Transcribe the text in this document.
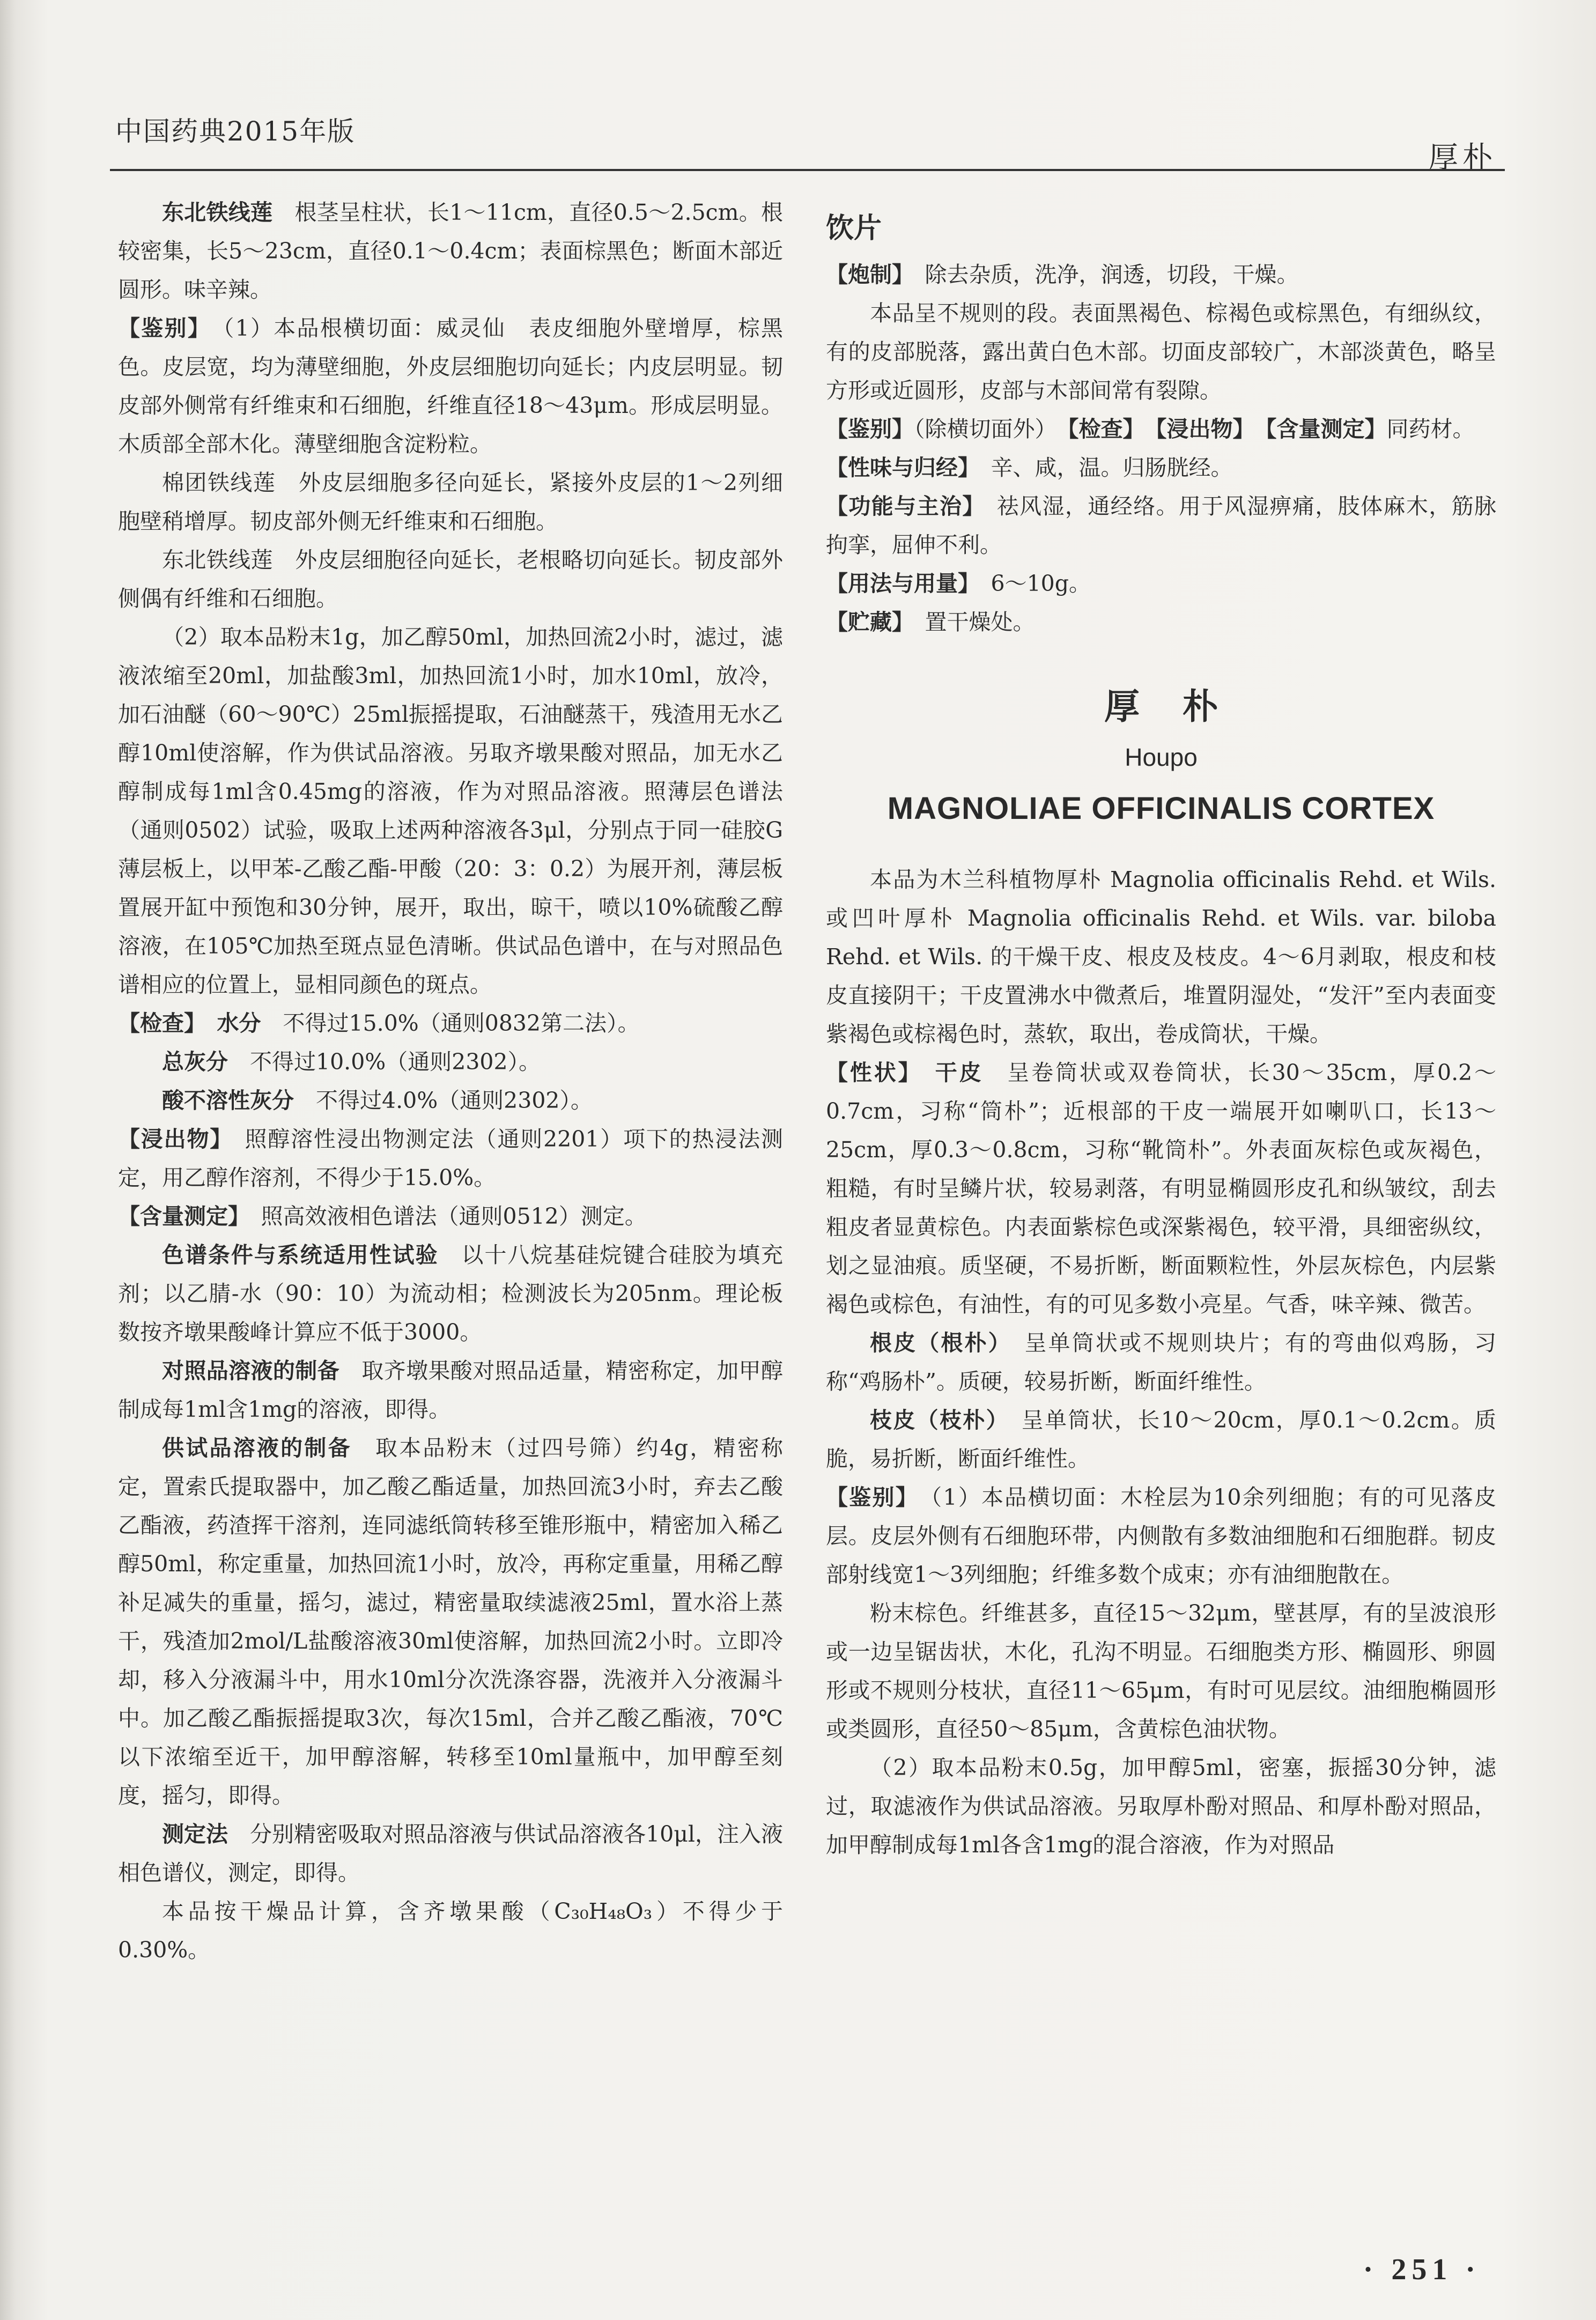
中国药典2015年版
厚朴

东北铁线莲　 根茎呈柱状，长1～11cm，直径0.5～2.5cm。根较密集，长5～23cm，直径0.1～0.4cm；表面棕黑色；断面木部近圆形。味辛辣。

【鉴别】　 （1）本品根横切面：威灵仙　表皮细胞外壁增厚，棕黑色。皮层宽，均为薄壁细胞，外皮层细胞切向延长；内皮层明显。韧皮部外侧常有纤维束和石细胞，纤维直径18～43μm。形成层明显。木质部全部木化。薄壁细胞含淀粉粒。

棉团铁线莲　外皮层细胞多径向延长，紧接外皮层的1～2列细胞壁稍增厚。韧皮部外侧无纤维束和石细胞。

东北铁线莲　外皮层细胞径向延长，老根略切向延长。韧皮部外侧偶有纤维和石细胞。

（2）取本品粉末1g，加乙醇50ml，加热回流2小时，滤过，滤液浓缩至20ml，加盐酸3ml，加热回流1小时，加水10ml，放冷，加石油醚（60～90℃）25ml振摇提取，石油醚蒸干，残渣用无水乙醇10ml使溶解，作为供试品溶液。另取齐墩果酸对照品，加无水乙醇制成每1ml含0.45mg的溶液，作为对照品溶液。照薄层色谱法（通则0502）试验，吸取上述两种溶液各3μl，分别点于同一硅胶G薄层板上，以甲苯-乙酸乙酯-甲酸（20：3：0.2）为展开剂，薄层板置展开缸中预饱和30分钟，展开，取出，晾干，喷以10%硫酸乙醇溶液，在105℃加热至斑点显色清晰。供试品色谱中，在与对照品色谱相应的位置上，显相同颜色的斑点。

【检查】　 水分　 不得过15.0%（通则0832第二法）。

总灰分　 不得过10.0%（通则2302）。

酸不溶性灰分　 不得过4.0%（通则2302）。

【浸出物】　 照醇溶性浸出物测定法（通则2201）项下的热浸法测定，用乙醇作溶剂，不得少于15.0%。

【含量测定】　 照高效液相色谱法（通则0512）测定。

色谱条件与系统适用性试验　 以十八烷基硅烷键合硅胶为填充剂；以乙腈-水（90：10）为流动相；检测波长为205nm。理论板数按齐墩果酸峰计算应不低于3000。

对照品溶液的制备　 取齐墩果酸对照品适量，精密称定，加甲醇制成每1ml含1mg的溶液，即得。

供试品溶液的制备　 取本品粉末（过四号筛）约4g，精密称定，置索氏提取器中，加乙酸乙酯适量，加热回流3小时，弃去乙酸乙酯液，药渣挥干溶剂，连同滤纸筒转移至锥形瓶中，精密加入稀乙醇50ml，称定重量，加热回流1小时，放冷，再称定重量，用稀乙醇补足减失的重量，摇匀，滤过，精密量取续滤液25ml，置水浴上蒸干，残渣加2mol/L盐酸溶液30ml使溶解，加热回流2小时。立即冷却，移入分液漏斗中，用水10ml分次洗涤容器，洗液并入分液漏斗中。加乙酸乙酯振摇提取3次，每次15ml，合并乙酸乙酯液，70℃以下浓缩至近干，加甲醇溶解，转移至10ml量瓶中，加甲醇至刻度，摇匀，即得。

测定法　 分别精密吸取对照品溶液与供试品溶液各10μl，注入液相色谱仪，测定，即得。

本品按干燥品计算，含齐墩果酸（C₃₀H₄₈O₃）不得少于0.30%。

饮片

【炮制】　 除去杂质，洗净，润透，切段，干燥。

本品呈不规则的段。表面黑褐色、棕褐色或棕黑色，有细纵纹，有的皮部脱落，露出黄白色木部。切面皮部较广，木部淡黄色，略呈方形或近圆形，皮部与木部间常有裂隙。

【鉴别】（除横切面外）　 【检查】　 【浸出物】　 【含量测定】同药材。

【性味与归经】　 辛、咸，温。归肠胱经。

【功能与主治】　 祛风湿，通经络。用于风湿痹痛，肢体麻木，筋脉拘挛，屈伸不利。

【用法与用量】　 6～10g。

【贮藏】　 置干燥处。

厚朴
Houpo
MAGNOLIAE OFFICINALIS CORTEX

本品为木兰科植物厚朴 Magnolia officinalis Rehd. et Wils. 或凹叶厚朴 Magnolia officinalis Rehd. et Wils. var. biloba Rehd. et Wils. 的干燥干皮、根皮及枝皮。4～6月剥取，根皮和枝皮直接阴干；干皮置沸水中微煮后，堆置阴湿处，“发汗”至内表面变紫褐色或棕褐色时，蒸软，取出，卷成筒状，干燥。

【性状】　 干皮　 呈卷筒状或双卷筒状，长30～35cm，厚0.2～0.7cm，习称“筒朴”；近根部的干皮一端展开如喇叭口，长13～25cm，厚0.3～0.8cm，习称“靴筒朴”。外表面灰棕色或灰褐色，粗糙，有时呈鳞片状，较易剥落，有明显椭圆形皮孔和纵皱纹，刮去粗皮者显黄棕色。内表面紫棕色或深紫褐色，较平滑，具细密纵纹，划之显油痕。质坚硬，不易折断，断面颗粒性，外层灰棕色，内层紫褐色或棕色，有油性，有的可见多数小亮星。气香，味辛辣、微苦。

根皮（根朴）　 呈单筒状或不规则块片；有的弯曲似鸡肠，习称“鸡肠朴”。质硬，较易折断，断面纤维性。

枝皮（枝朴）　 呈单筒状，长10～20cm，厚0.1～0.2cm。质脆，易折断，断面纤维性。

【鉴别】　 （1）本品横切面：木栓层为10余列细胞；有的可见落皮层。皮层外侧有石细胞环带，内侧散有多数油细胞和石细胞群。韧皮部射线宽1～3列细胞；纤维多数个成束；亦有油细胞散在。

粉末棕色。纤维甚多，直径15～32μm，壁甚厚，有的呈波浪形或一边呈锯齿状，木化，孔沟不明显。石细胞类方形、椭圆形、卵圆形或不规则分枝状，直径11～65μm，有时可见层纹。油细胞椭圆形或类圆形，直径50～85μm，含黄棕色油状物。

（2）取本品粉末0.5g，加甲醇5ml，密塞，振摇30分钟，滤过，取滤液作为供试品溶液。另取厚朴酚对照品、和厚朴酚对照品，加甲醇制成每1ml各含1mg的混合溶液，作为对照品

· 251 ·
